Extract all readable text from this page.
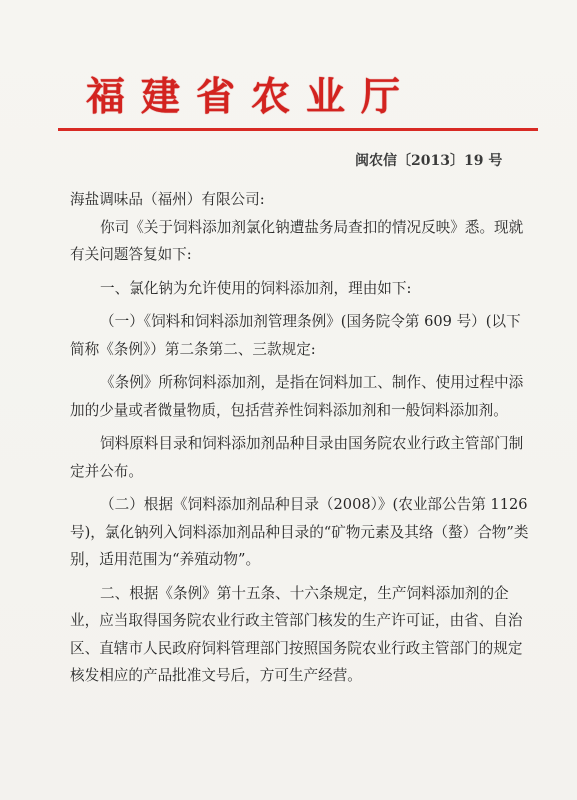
福建省农业厅
闽农信〔2013〕19 号

海盐调味品（福州）有限公司:

你司《关于饲料添加剂氯化钠遭盐务局查扣的情况反映》悉。现就有关问题答复如下:

一、氯化钠为允许使用的饲料添加剂，理由如下:

（一）《饲料和饲料添加剂管理条例》(国务院令第 609 号）(以下简称《条例》）第二条第二、三款规定:

《条例》所称饲料添加剂，是指在饲料加工、制作、使用过程中添加的少量或者微量物质，包括营养性饲料添加剂和一般饲料添加剂。

饲料原料目录和饲料添加剂品种目录由国务院农业行政主管部门制定并公布。

（二）根据《饲料添加剂品种目录（2008）》(农业部公告第 1126 号)，氯化钠列入饲料添加剂品种目录的“矿物元素及其络（螯）合物”类别，适用范围为“养殖动物”。

二、根据《条例》第十五条、十六条规定，生产饲料添加剂的企业，应当取得国务院农业行政主管部门核发的生产许可证，由省、自治区、直辖市人民政府饲料管理部门按照国务院农业行政主管部门的规定核发相应的产品批准文号后，方可生产经营。
